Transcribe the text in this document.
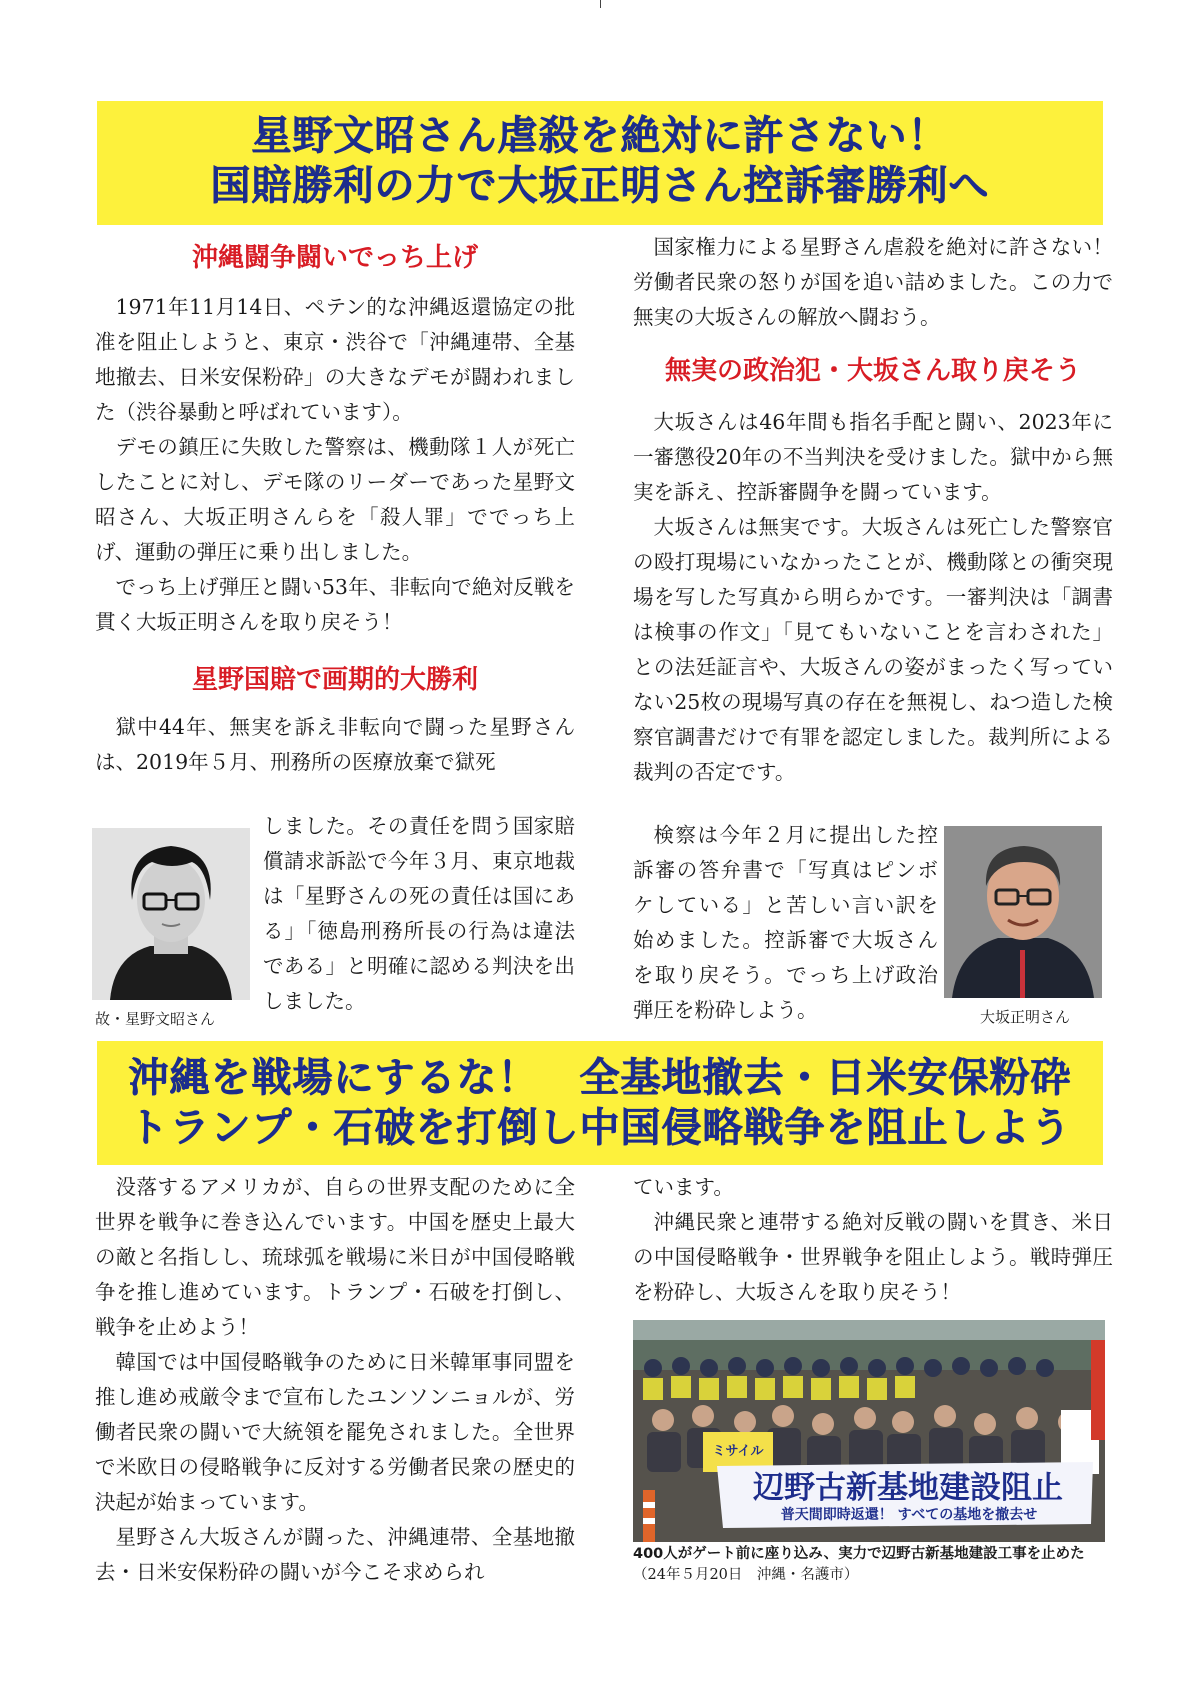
星野文昭さん虐殺を絶対に許さない！
国賠勝利の力で大坂正明さん控訴審勝利へ
沖縄闘争闘いでっち上げ

1971年11月14日、ペテン的な沖縄返還協定の批准を阻止しようと、東京・渋谷で「沖縄連帯、全基地撤去、日米安保粉砕」の大きなデモが闘われました（渋谷暴動と呼ばれています）。

デモの鎮圧に失敗した警察は、機動隊１人が死亡したことに対し、デモ隊のリーダーであった星野文昭さん、大坂正明さんらを「殺人罪」ででっち上げ、運動の弾圧に乗り出しました。

でっち上げ弾圧と闘い53年、非転向で絶対反戦を貫く大坂正明さんを取り戻そう！

星野国賠で画期的大勝利

獄中44年、無実を訴え非転向で闘った星野さんは、2019年５月、刑務所の医療放棄で獄死

故・星野文昭さん

しました。その責任を問う国家賠償請求訴訟で今年３月、東京地裁は「星野さんの死の責任は国にある」「徳島刑務所長の行為は違法である」と明確に認める判決を出しました。

国家権力による星野さん虐殺を絶対に許さない！　労働者民衆の怒りが国を追い詰めました。この力で無実の大坂さんの解放へ闘おう。

無実の政治犯・大坂さん取り戻そう

大坂さんは46年間も指名手配と闘い、2023年に一審懲役20年の不当判決を受けました。獄中から無実を訴え、控訴審闘争を闘っています。

大坂さんは無実です。大坂さんは死亡した警察官の殴打現場にいなかったことが、機動隊との衝突現場を写した写真から明らかです。一審判決は「調書は検事の作文」「見てもいないことを言わされた」との法廷証言や、大坂さんの姿がまったく写っていない25枚の現場写真の存在を無視し、ねつ造した検察官調書だけで有罪を認定しました。裁判所による裁判の否定です。

検察は今年２月に提出した控訴審の答弁書で「写真はピンボケしている」と苦しい言い訳を始めました。控訴審で大坂さんを取り戻そう。でっち上げ政治弾圧を粉砕しよう。	大坂正明さん
沖縄を戦場にするな！　全基地撤去・日米安保粉砕
トランプ・石破を打倒し中国侵略戦争を阻止しよう

没落するアメリカが、自らの世界支配のために全世界を戦争に巻き込んでいます。中国を歴史上最大の敵と名指しし、琉球弧を戦場に米日が中国侵略戦争を推し進めています。トランプ・石破を打倒し、戦争を止めよう！

韓国では中国侵略戦争のために日米韓軍事同盟を推し進め戒厳令まで宣布したユンソンニョルが、労働者民衆の闘いで大統領を罷免されました。全世界で米欧日の侵略戦争に反対する労働者民衆の歴史的決起が始まっています。

星野さん大坂さんが闘った、沖縄連帯、全基地撤去・日米安保粉砕の闘いが今こそ求められ

ています。

沖縄民衆と連帯する絶対反戦の闘いを貫き、米日の中国侵略戦争・世界戦争を阻止しよう。戦時弾圧を粉砕し、大坂さんを取り戻そう！

ミサイル
辺野古新基地建設阻止
普天間即時返還！ すべての基地を撤去せ
400人がゲート前に座り込み、実力で辺野古新基地建設工事を止めた（24年５月20日　沖縄・名護市）
